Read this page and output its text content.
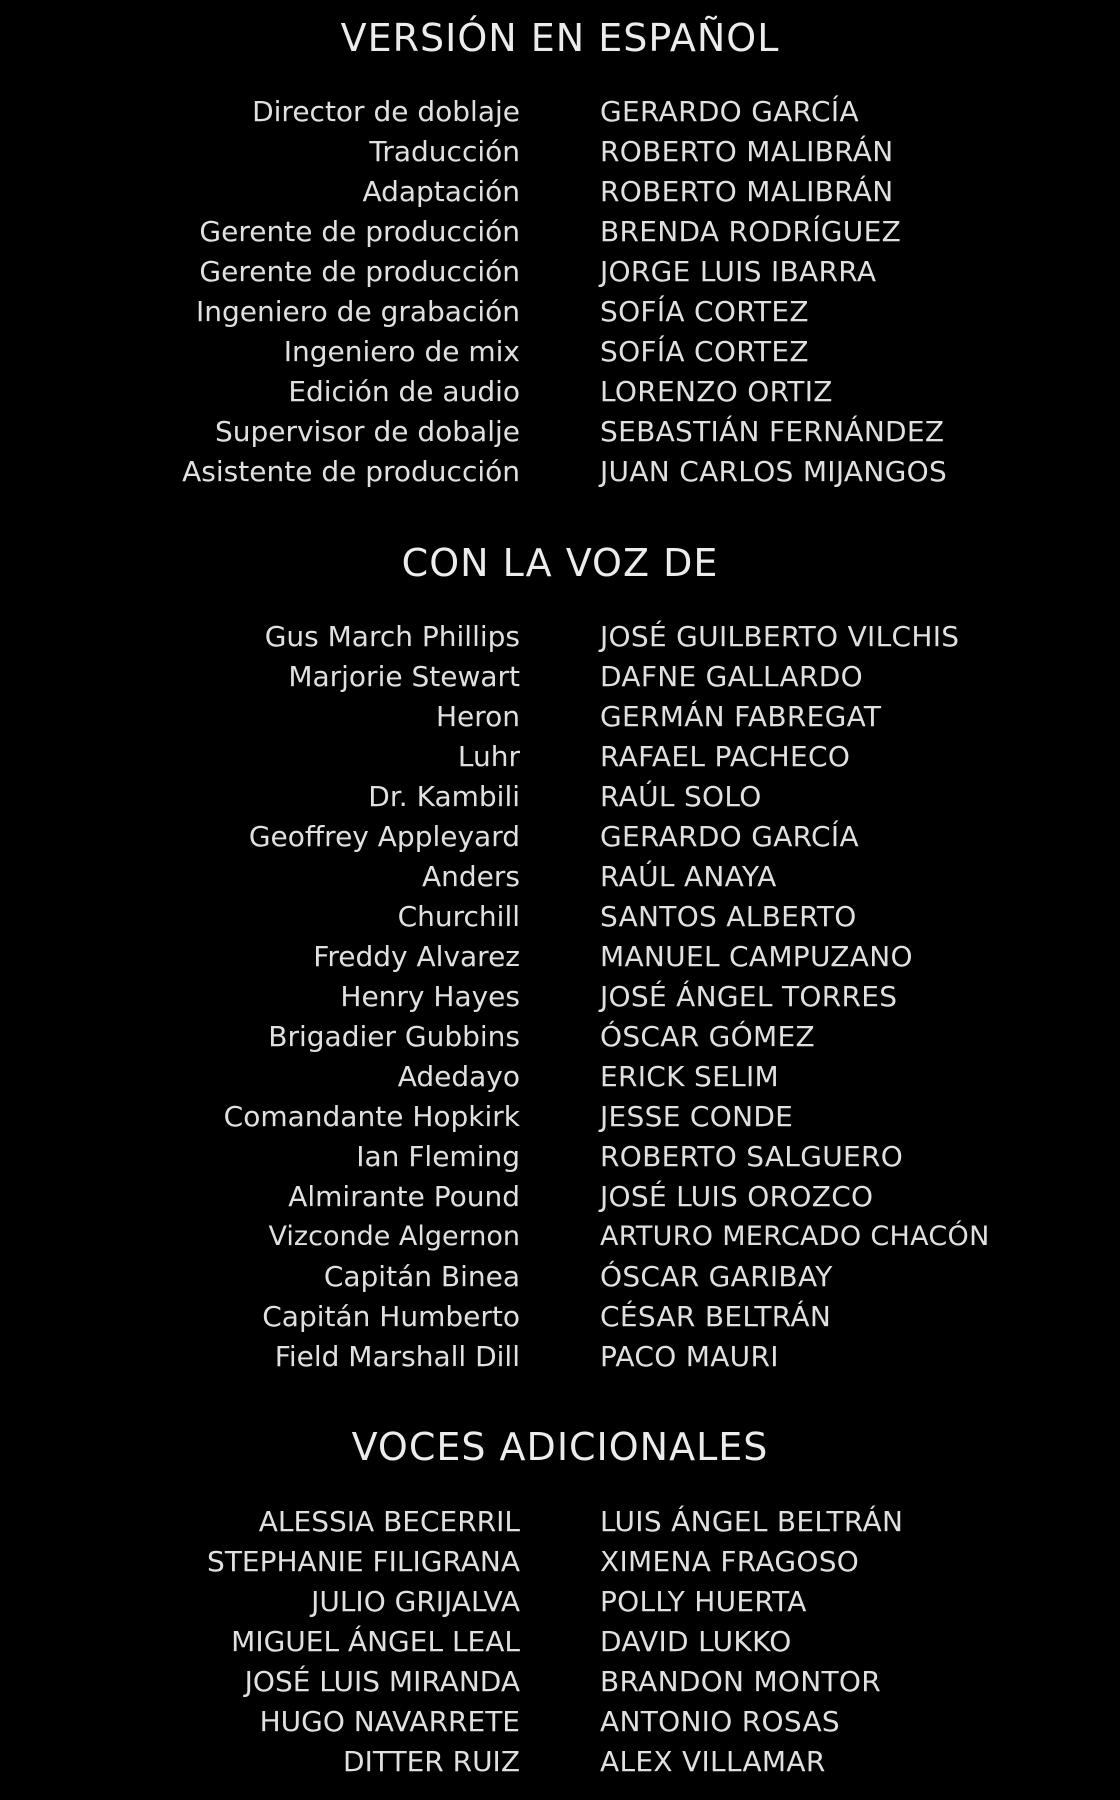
VERSIÓN EN ESPAÑOL
Director de doblaje	GERARDO GARCÍA
Traducción	ROBERTO MALIBRÁN
Adaptación	ROBERTO MALIBRÁN
Gerente de producción	BRENDA RODRÍGUEZ
Gerente de producción	JORGE LUIS IBARRA
Ingeniero de grabación	SOFÍA CORTEZ
Ingeniero de mix	SOFÍA CORTEZ
Edición de audio	LORENZO ORTIZ
Supervisor de dobalje	SEBASTIÁN FERNÁNDEZ
Asistente de producción	JUAN CARLOS MIJANGOS
CON LA VOZ DE
Gus March Phillips	JOSÉ GUILBERTO VILCHIS
Marjorie Stewart	DAFNE GALLARDO
Heron	GERMÁN FABREGAT
Luhr	RAFAEL PACHECO
Dr. Kambili	RAÚL SOLO
Geoffrey Appleyard	GERARDO GARCÍA
Anders	RAÚL ANAYA
Churchill	SANTOS ALBERTO
Freddy Alvarez	MANUEL CAMPUZANO
Henry Hayes	JOSÉ ÁNGEL TORRES
Brigadier Gubbins	ÓSCAR GÓMEZ
Adedayo	ERICK SELIM
Comandante Hopkirk	JESSE CONDE
Ian Fleming	ROBERTO SALGUERO
Almirante Pound	JOSÉ LUIS OROZCO
Vizconde Algernon	ARTURO MERCADO CHACÓN
Capitán Binea	ÓSCAR GARIBAY
Capitán Humberto	CÉSAR BELTRÁN
Field Marshall Dill	PACO MAURI
VOCES ADICIONALES
ALESSIA BECERRIL	LUIS ÁNGEL BELTRÁN
STEPHANIE FILIGRANA	XIMENA FRAGOSO
JULIO GRIJALVA	POLLY HUERTA
MIGUEL ÁNGEL LEAL	DAVID LUKKO
JOSÉ LUIS MIRANDA	BRANDON MONTOR
HUGO NAVARRETE	ANTONIO ROSAS
DITTER RUIZ	ALEX VILLAMAR
